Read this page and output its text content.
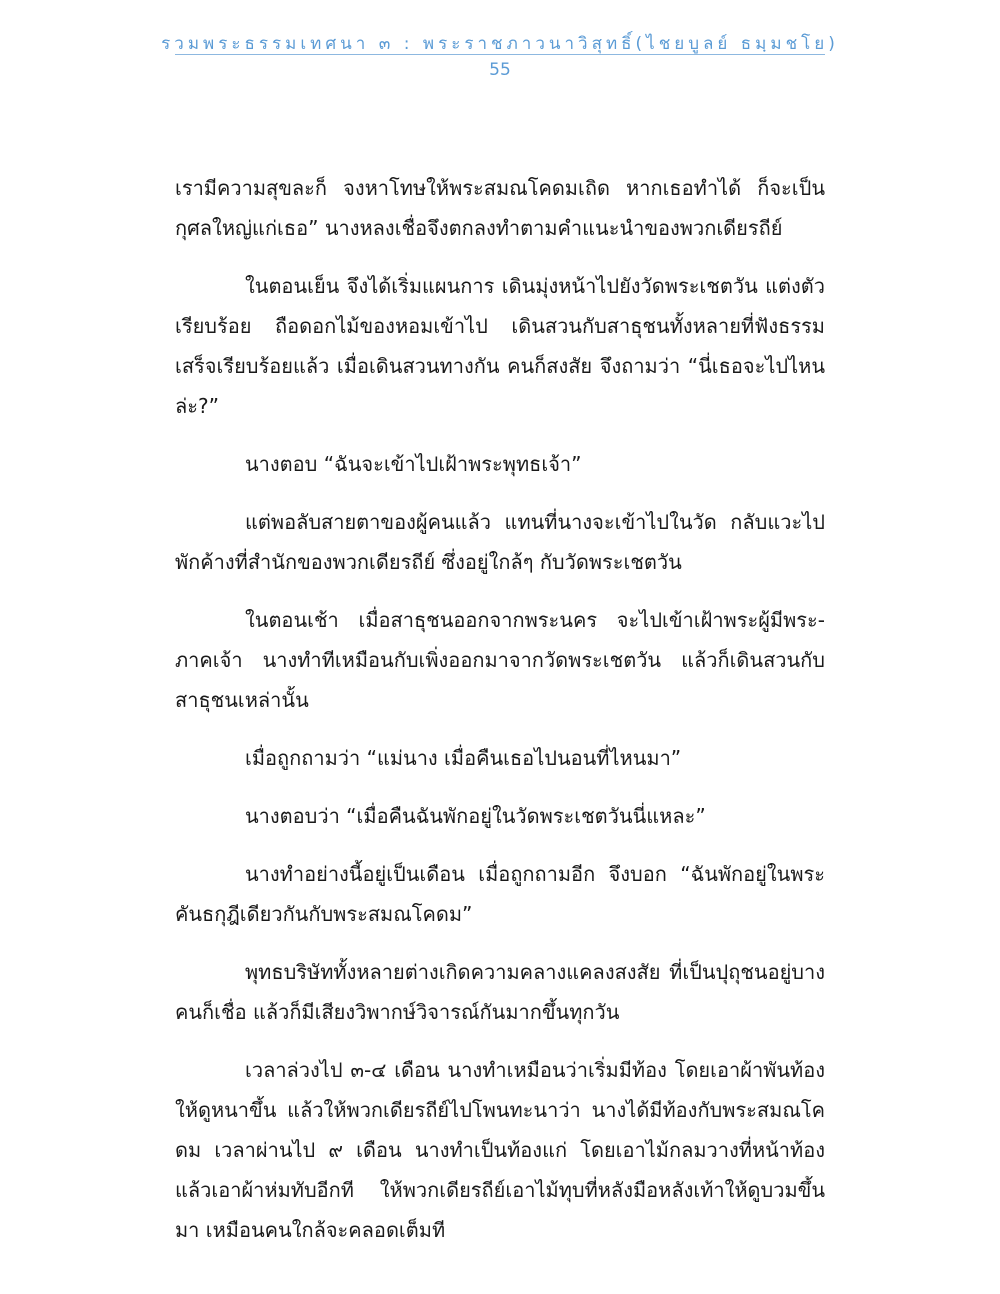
รวมพระธรรมเทศนา ๓ : พระราชภาวนาวิสุทธิ์(ไชยบูลย์ ธมฺมชโย)
55

เรามีความสุขละก็ จงหาโทษให้พระสมณโคดมเถิด หากเธอทำได้ ก็จะเป็นกุศลใหญ่แก่เธอ” นางหลงเชื่อจึงตกลงทำตามคำแนะนำของพวกเดียรถีย์

ในตอนเย็น จึงได้เริ่มแผนการ เดินมุ่งหน้าไปยังวัดพระเชตวัน แต่งตัวเรียบร้อย ถือดอกไม้ของหอมเข้าไป เดินสวนกับสาธุชนทั้งหลายที่ฟังธรรมเสร็จเรียบร้อยแล้ว เมื่อเดินสวนทางกัน คนก็สงสัย จึงถามว่า “นี่เธอจะไปไหนล่ะ?”

นางตอบ “ฉันจะเข้าไปเฝ้าพระพุทธเจ้า”

แต่พอลับสายตาของผู้คนแล้ว แทนที่นางจะเข้าไปในวัด กลับแวะไปพักค้างที่สำนักของพวกเดียรถีย์ ซึ่งอยู่ใกล้ๆ กับวัดพระเชตวัน

ในตอนเช้า เมื่อสาธุชนออกจากพระนคร จะไปเข้าเฝ้าพระผู้มีพระ-ภาคเจ้า นางทำทีเหมือนกับเพิ่งออกมาจากวัดพระเชตวัน แล้วก็เดินสวนกับสาธุชนเหล่านั้น

เมื่อถูกถามว่า “แม่นาง เมื่อคืนเธอไปนอนที่ไหนมา”

นางตอบว่า “เมื่อคืนฉันพักอยู่ในวัดพระเชตวันนี่แหละ”

นางทำอย่างนี้อยู่เป็นเดือน เมื่อถูกถามอีก จึงบอก “ฉันพักอยู่ในพระคันธกุฎีเดียวกันกับพระสมณโคดม”

พุทธบริษัททั้งหลายต่างเกิดความคลางแคลงสงสัย ที่เป็นปุถุชนอยู่บางคนก็เชื่อ แล้วก็มีเสียงวิพากษ์วิจารณ์กันมากขึ้นทุกวัน

เวลาล่วงไป ๓-๔ เดือน นางทำเหมือนว่าเริ่มมีท้อง โดยเอาผ้าพันท้องให้ดูหนาขึ้น แล้วให้พวกเดียรถีย์ไปโพนทะนาว่า นางได้มีท้องกับพระสมณโคดม เวลาผ่านไป ๙ เดือน นางทำเป็นท้องแก่ โดยเอาไม้กลมวางที่หน้าท้อง แล้วเอาผ้าห่มทับอีกที ให้พวกเดียรถีย์เอาไม้ทุบที่หลังมือหลังเท้าให้ดูบวมขึ้นมา เหมือนคนใกล้จะคลอดเต็มที
